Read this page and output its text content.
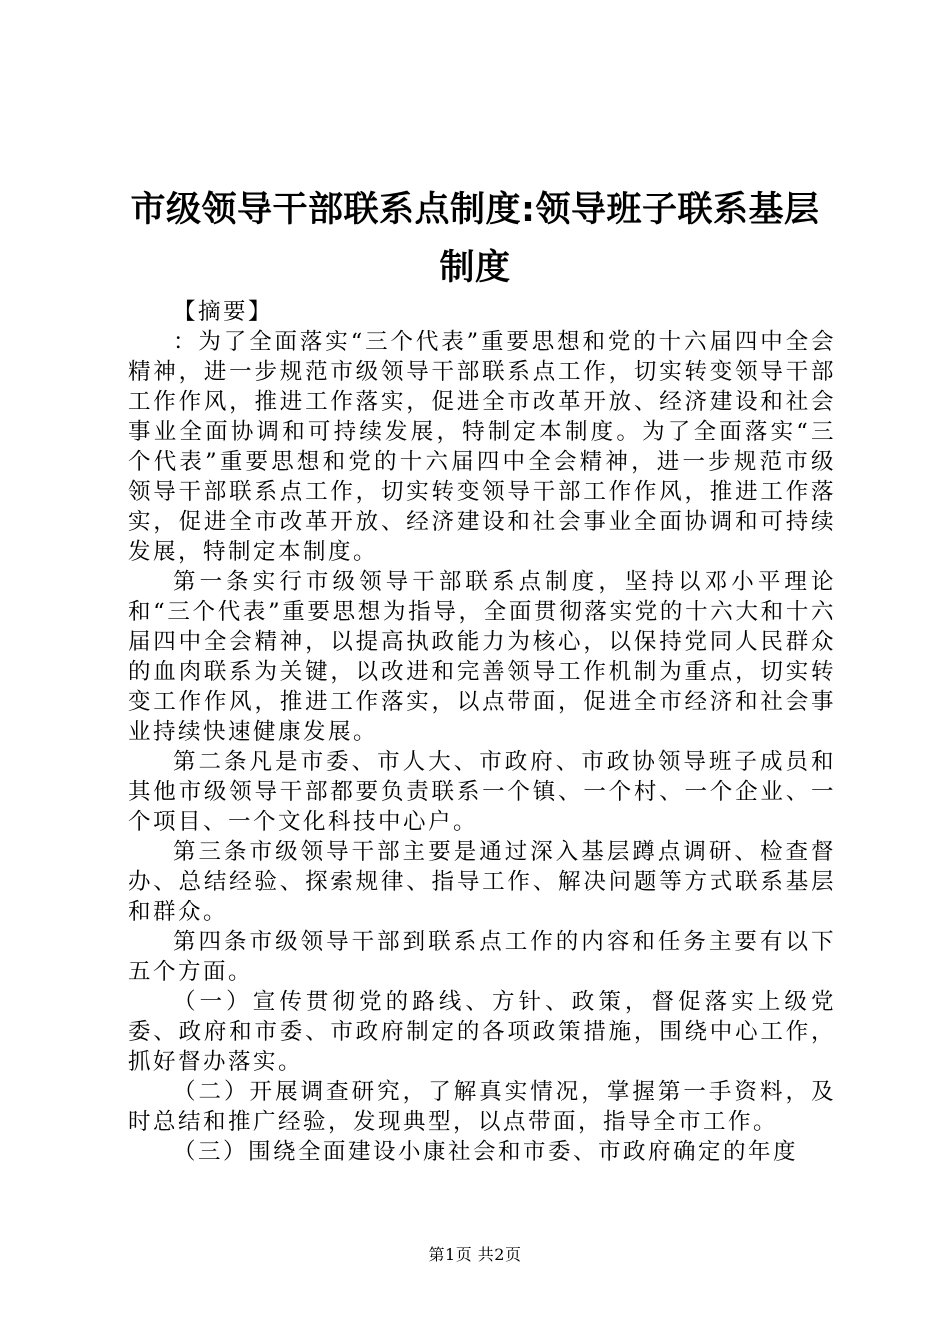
市级领导干部联系点制度:领导班子联系基层
制度

【摘要】

：为了全面落实“三个代表”重要思想和党的十六届四中全会精神，进一步规范市级领导干部联系点工作，切实转变领导干部工作作风，推进工作落实，促进全市改革开放、经济建设和社会事业全面协调和可持续发展，特制定本制度。为了全面落实“三个代表”重要思想和党的十六届四中全会精神，进一步规范市级领导干部联系点工作，切实转变领导干部工作作风，推进工作落实，促进全市改革开放、经济建设和社会事业全面协调和可持续发展，特制定本制度。

第一条实行市级领导干部联系点制度，坚持以邓小平理论和“三个代表”重要思想为指导，全面贯彻落实党的十六大和十六届四中全会精神，以提高执政能力为核心，以保持党同人民群众的血肉联系为关键，以改进和完善领导工作机制为重点，切实转变工作作风，推进工作落实，以点带面，促进全市经济和社会事业持续快速健康发展。

第二条凡是市委、市人大、市政府、市政协领导班子成员和其他市级领导干部都要负责联系一个镇、一个村、一个企业、一个项目、一个文化科技中心户。

第三条市级领导干部主要是通过深入基层蹲点调研、检查督办、总结经验、探索规律、指导工作、解决问题等方式联系基层和群众。

第四条市级领导干部到联系点工作的内容和任务主要有以下五个方面。

（一）宣传贯彻党的路线、方针、政策，督促落实上级党委、政府和市委、市政府制定的各项政策措施，围绕中心工作，抓好督办落实。

（二）开展调查研究，了解真实情况，掌握第一手资料，及时总结和推广经验，发现典型，以点带面，指导全市工作。

（三）围绕全面建设小康社会和市委、市政府确定的年度

第1页 共2页
